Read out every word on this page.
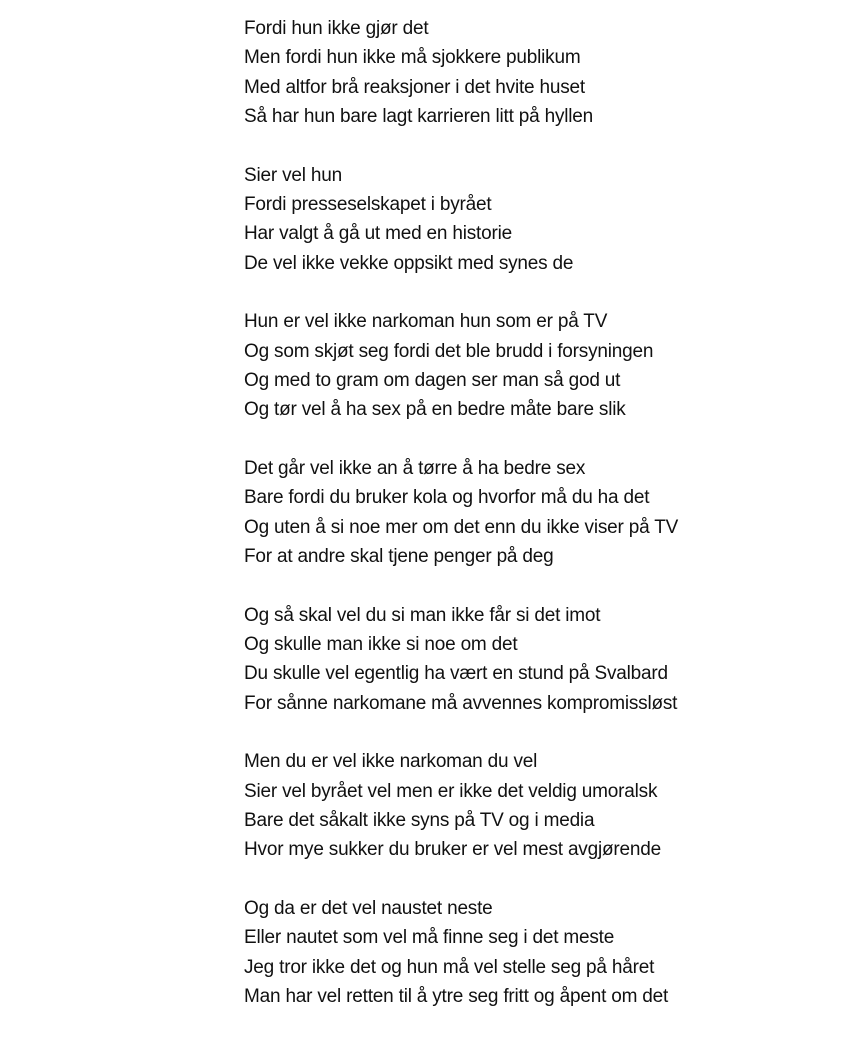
Fordi hun ikke gjør det
Men fordi hun ikke må sjokkere publikum
Med altfor brå reaksjoner i det hvite huset
Så har hun bare lagt karrieren litt på hyllen
Sier vel hun
Fordi presseselskapet i byrået
Har valgt å gå ut med en historie
De vel ikke vekke oppsikt med synes de
Hun er vel ikke narkoman hun som er på TV
Og som skjøt seg fordi det ble brudd i forsyningen
Og med to gram om dagen ser man så god ut
Og tør vel å ha sex på en bedre måte bare slik
Det går vel ikke an å tørre å ha bedre sex
Bare fordi du bruker kola og hvorfor må du ha det
Og uten å si noe mer om det enn du ikke viser på TV
For at andre skal tjene penger på deg
Og så skal vel du si man ikke får si det imot
Og skulle man ikke si noe om det
Du skulle vel egentlig ha vært en stund på Svalbard
For sånne narkomane må avvennes kompromissløst
Men du er vel ikke narkoman du vel
Sier vel byrået vel men er ikke det veldig umoralsk
Bare det såkalt ikke syns på TV og i media
Hvor mye sukker du bruker er vel mest avgjørende
Og da er det vel naustet neste
Eller nautet som vel må finne seg i det meste
Jeg tror ikke det og hun må vel stelle seg på håret
Man har vel retten til å ytre seg fritt og åpent om det
